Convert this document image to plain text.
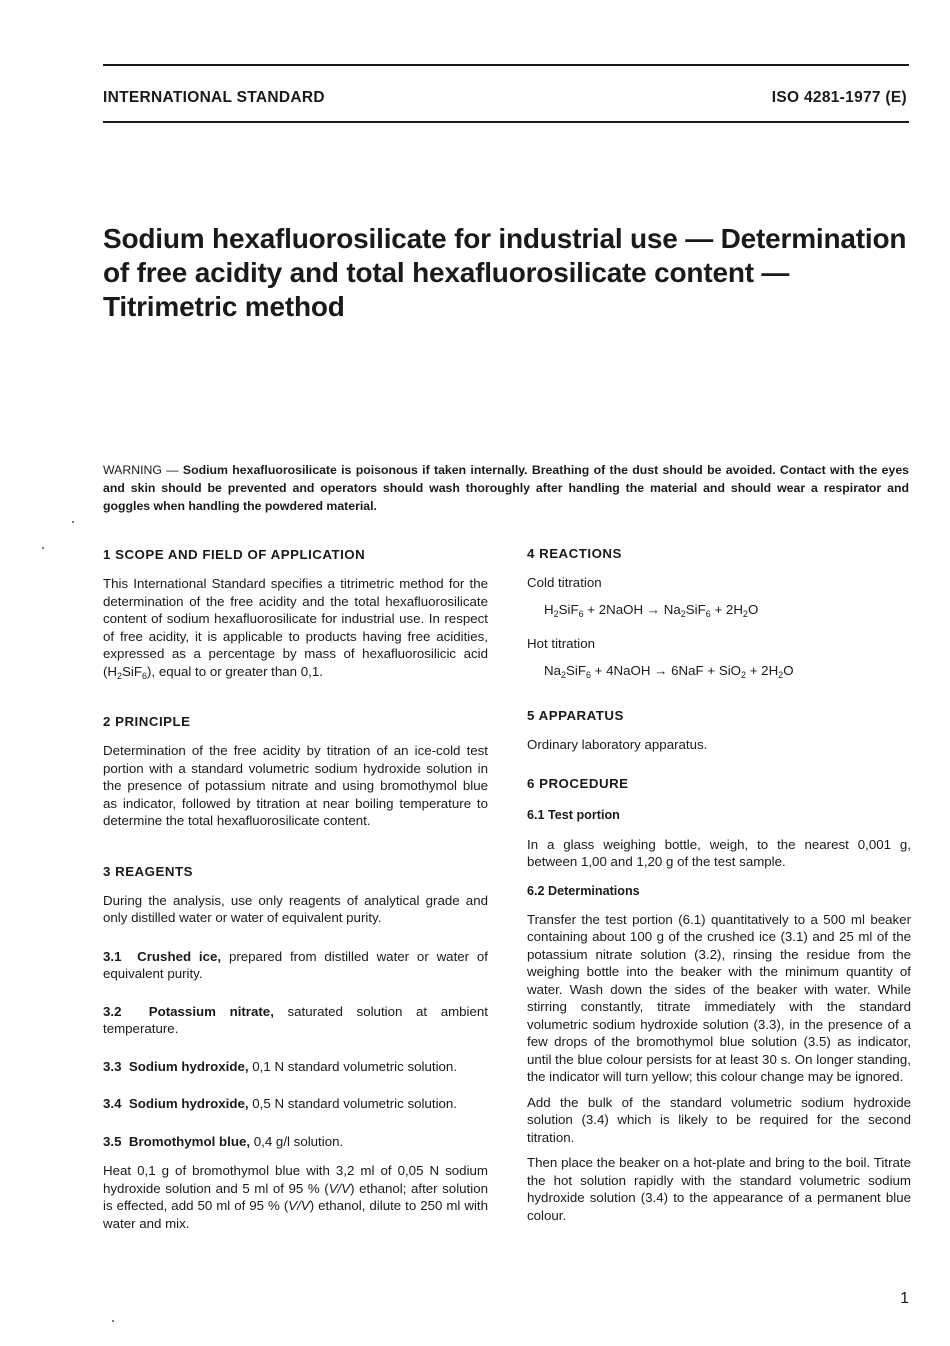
INTERNATIONAL STANDARD	ISO 4281-1977 (E)
Sodium hexafluorosilicate for industrial use — Determination
of free acidity and total hexafluorosilicate content —
Titrimetric method

WARNING — Sodium hexafluorosilicate is poisonous if taken internally. Breathing of the dust should be avoided. Contact with the eyes and skin should be prevented and operators should wash thoroughly after handling the material and should wear a respirator and goggles when handling the powdered material.

1 SCOPE AND FIELD OF APPLICATION

This International Standard specifies a titrimetric method for the determination of the free acidity and the total hexafluorosilicate content of sodium hexafluorosilicate for industrial use. In respect of free acidity, it is applicable to products having free acidities, expressed as a percentage by mass of hexafluorosilicic acid $(H_2SiF_6)$, equal to or greater than 0,1.

2 PRINCIPLE

Determination of the free acidity by titration of an ice-cold test portion with a standard volumetric sodium hydroxide solution in the presence of potassium nitrate and using bromothymol blue as indicator, followed by titration at near boiling temperature to determine the total hexafluorosilicate content.

3 REAGENTS

During the analysis, use only reagents of analytical grade and only distilled water or water of equivalent purity.

3.1 Crushed ice, prepared from distilled water or water of equivalent purity.

3.2 Potassium nitrate, saturated solution at ambient temperature.

3.3 Sodium hydroxide, 0,1 N standard volumetric solution.

3.4 Sodium hydroxide, 0,5 N standard volumetric solution.

3.5 Bromothymol blue, 0,4 g/l solution.

Heat 0,1 g of bromothymol blue with 3,2 ml of 0,05 N sodium hydroxide solution and 5 ml of 95 % (V/V) ethanol; after solution is effected, add 50 ml of 95 % (V/V) ethanol, dilute to 250 ml with water and mix.

4 REACTIONS

Cold titration

$H_2SiF_6$ + 2NaOH → $Na_2SiF_6 + 2H_2O$

Hot titration

$Na_2SiF_6$ + 4NaOH → $6NaF + SiO_2 + 2H_2O$
5 APPARATUS

Ordinary laboratory apparatus.

6 PROCEDURE
6.1 Test portion

In a glass weighing bottle, weigh, to the nearest 0,001 g, between 1,00 and 1,20 g of the test sample.

6.2 Determinations

Transfer the test portion (6.1) quantitatively to a 500 ml beaker containing about 100 g of the crushed ice (3.1) and 25 ml of the potassium nitrate solution (3.2), rinsing the residue from the weighing bottle into the beaker with the minimum quantity of water. Wash down the sides of the beaker with water. While stirring constantly, titrate immediately with the standard volumetric sodium hydroxide solution (3.3), in the presence of a few drops of the bromothymol blue solution (3.5) as indicator, until the blue colour persists for at least 30 s. On longer standing, the indicator will turn yellow; this colour change may be ignored.

Add the bulk of the standard volumetric sodium hydroxide solution (3.4) which is likely to be required for the second titration.

Then place the beaker on a hot-plate and bring to the boil. Titrate the hot solution rapidly with the standard volumetric sodium hydroxide solution (3.4) to the appearance of a permanent blue colour.

1
